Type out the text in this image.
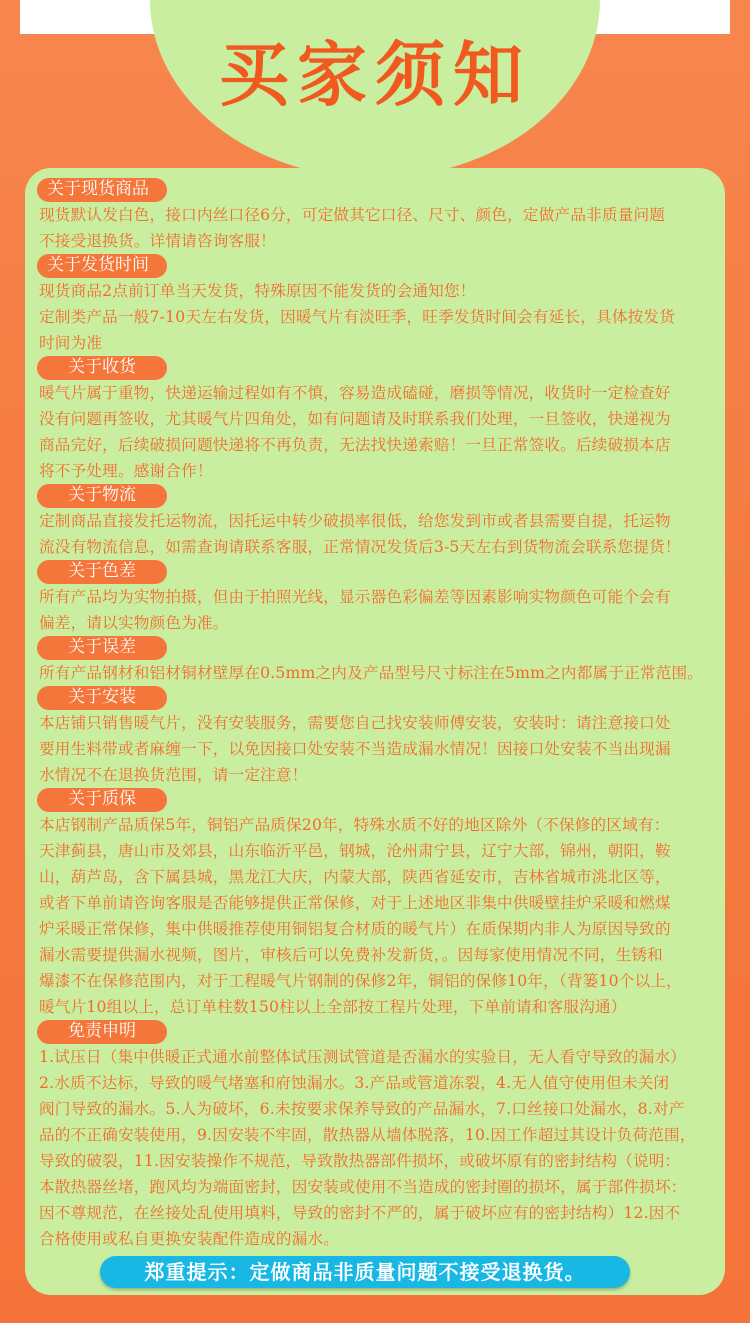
买家须知
关于现货商品
现货默认发白色，接口内丝口径6分，可定做其它口径、尺寸、颜色，定做产品非质量问题
不接受退换货。详情请咨询客服！
关于发货时间
现货商品2点前订单当天发货，特殊原因不能发货的会通知您！
定制类产品一般7-10天左右发货，因暖气片有淡旺季，旺季发货时间会有延长，具体按发货
时间为准
关于收货
暖气片属于重物，快递运输过程如有不慎，容易造成磕碰，磨损等情况，收货时一定检查好
没有问题再签收，尤其暖气片四角处，如有问题请及时联系我们处理，一旦签收，快递视为
商品完好，后续破损问题快递将不再负责，无法找快递索赔！一旦正常签收。后续破损本店
将不予处理。感谢合作！
关于物流
定制商品直接发托运物流，因托运中转少破损率很低，给您发到市或者县需要自提，托运物
流没有物流信息，如需查询请联系客服，正常情况发货后3-5天左右到货物流会联系您提货！
关于色差
所有产品均为实物拍摄，但由于拍照光线，显示器色彩偏差等因素影响实物颜色可能个会有
偏差，请以实物颜色为准。
关于误差
所有产品钢材和铝材铜材壁厚在0.5mm之内及产品型号尺寸标注在5mm之内都属于正常范围。
关于安装
本店铺只销售暖气片，没有安装服务，需要您自己找安装师傅安装，安装时：请注意接口处
要用生料带或者麻缠一下，以免因接口处安装不当造成漏水情况！因接口处安装不当出现漏
水情况不在退换货范围，请一定注意！
关于质保
本店钢制产品质保5年，铜铝产品质保20年，特殊水质不好的地区除外（不保修的区域有：
天津蓟县，唐山市及郊县，山东临沂平邑，钢城，沧州肃宁县，辽宁大部，锦州，朝阳，鞍
山，葫芦岛，含下属县城，黑龙江大庆，内蒙大部，陕西省延安市，吉林省城市洮北区等，
或者下单前请咨询客服是否能够提供正常保修，对于上述地区非集中供暖壁挂炉采暖和燃煤
炉采暖正常保修，集中供暖推荐使用铜铝复合材质的暖气片）在质保期内非人为原因导致的
漏水需要提供漏水视频，图片，审核后可以免费补发新货，。因每家使用情况不同，生锈和
爆漆不在保修范围内，对于工程暖气片钢制的保修2年，铜铝的保修10年，（背篓10个以上，
暖气片10组以上，总订单柱数150柱以上全部按工程片处理，下单前请和客服沟通）
免责申明
1.试压日（集中供暖正式通水前整体试压测试管道是否漏水的实验日，无人看守导致的漏水）
2.水质不达标，导致的暖气堵塞和府蚀漏水。3.产品或管道冻裂，4.无人值守使用但未关闭
阀门导致的漏水。5.人为破坏，6.未按要求保养导致的产品漏水，7.口丝接口处漏水，8.对产
品的不正确安装使用，9.因安装不牢固，散热器从墙体脱落，10.因工作超过其设计负荷范围，
导致的破裂，11.因安装操作不规范，导致散热器部件损坏，或破坏原有的密封结构（说明：
本散热器丝堵，跑风均为端面密封，因安装或使用不当造成的密封圈的损坏，属于部件损坏：
因不尊规范，在丝接处乱使用填料，导致的密封不严的，属于破坏应有的密封结构）12.因不
合格使用或私自更换安装配件造成的漏水。
郑重提示：定做商品非质量问题不接受退换货。
